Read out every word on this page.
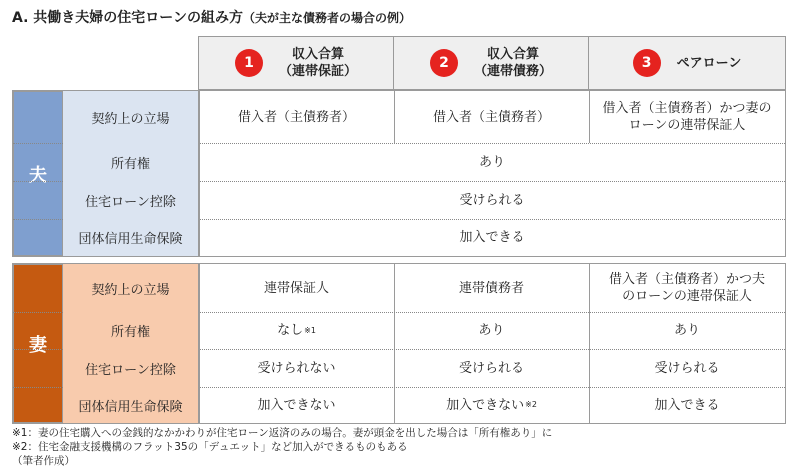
A. 共働き夫婦の住宅ローンの組み方（夫が主な債務者の場合の例）
1
収入合算
（連帯保証）
2
収入合算
（連帯債務）
3	ペアローン
夫
契約上の立場	借入者（主債務者）	借入者（主債務者）
借入者（主債務者）かつ妻の
ローンの連帯保証人
所有権	あり
住宅ローン控除	受けられる
団体信用生命保険	加入できる
妻
契約上の立場	連帯保証人	連帯債務者
借入者（主債務者）かつ夫
のローンの連帯保証人
所有権	なし ※1	あり	あり
住宅ローン控除	受けられない	受けられる	受けられる
団体信用生命保険	加入できない	加入できない ※2	加入できる
※1：妻の住宅購入への金銭的なかかわりが住宅ローン返済のみの場合。妻が頭金を出した場合は「所有権あり」に
※2：住宅金融支援機構のフラット35の「デュエット」など加入ができるものもある
（筆者作成）
